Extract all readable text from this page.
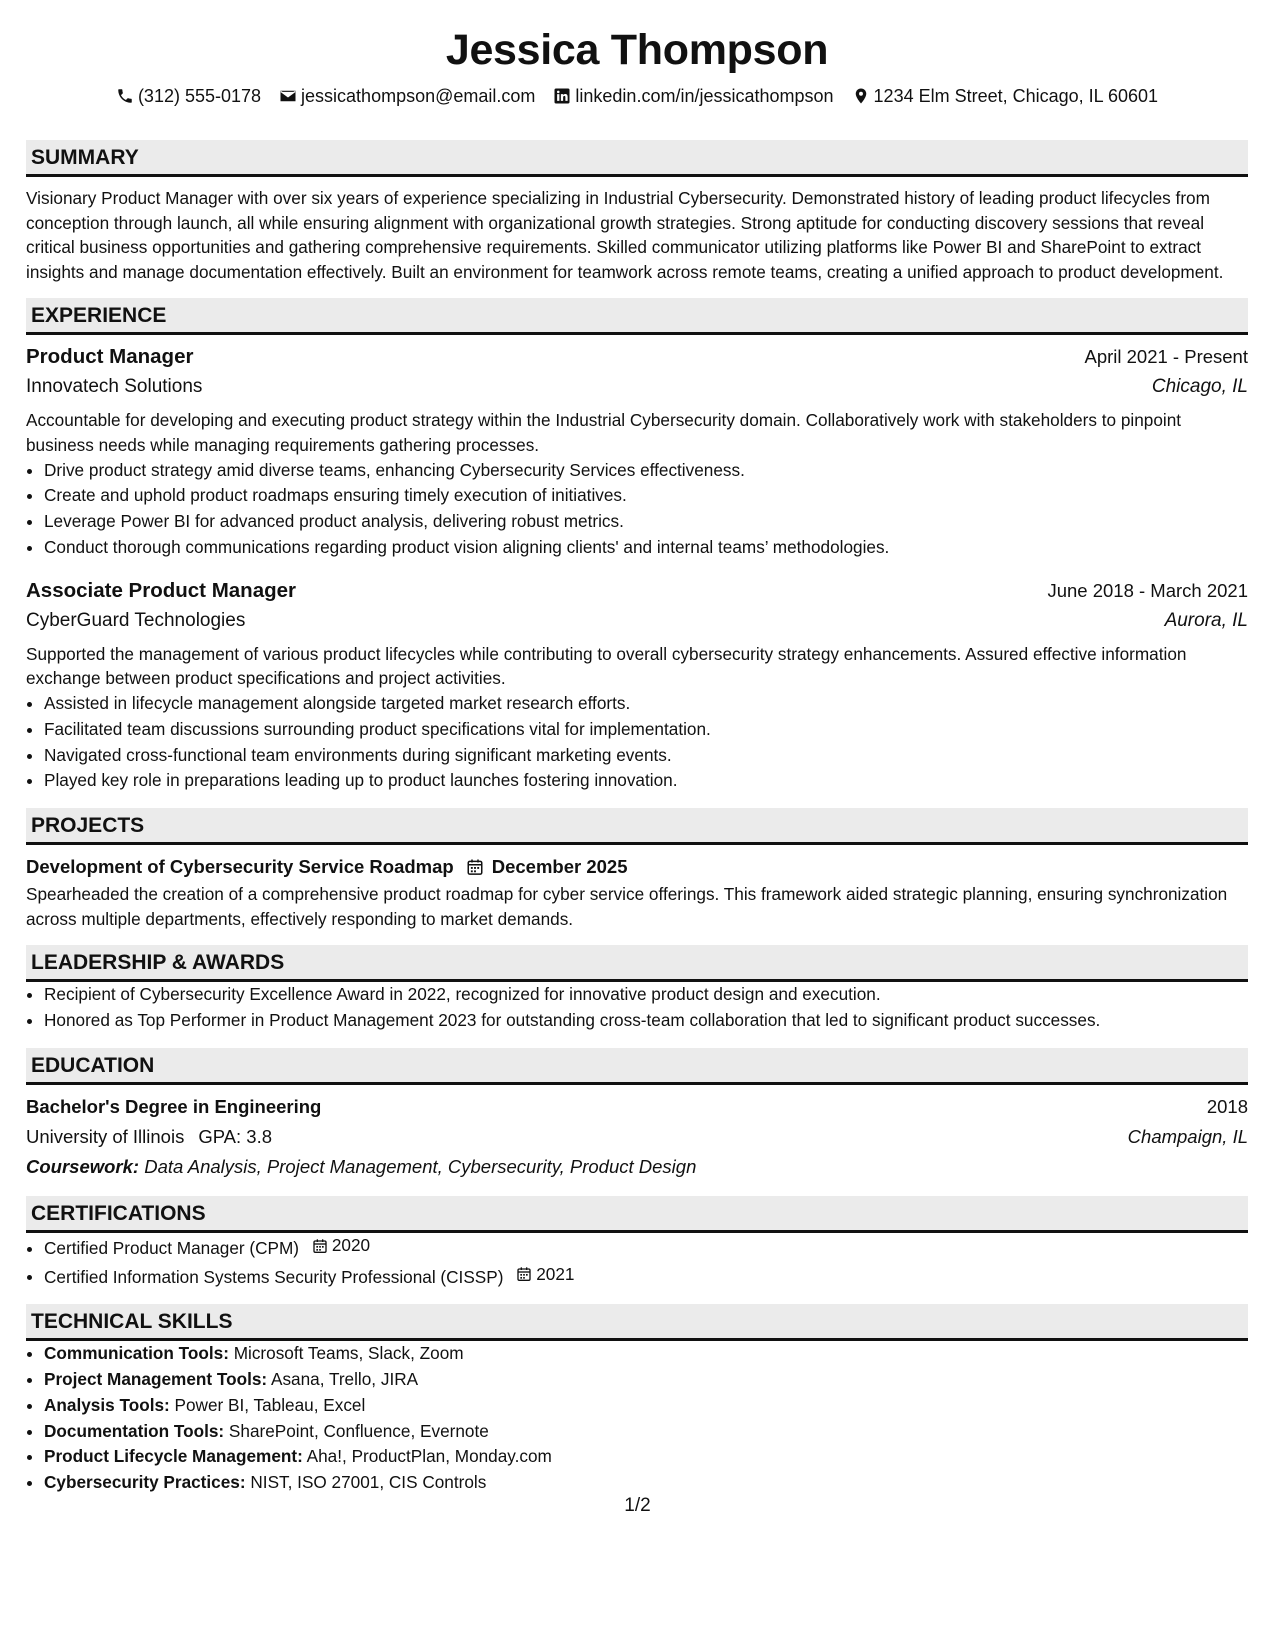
Jessica Thompson
(312) 555-0178 jessicathompson@email.com linkedin.com/in/jessicathompson 1234 Elm Street, Chicago, IL 60601
SUMMARY
Visionary Product Manager with over six years of experience specializing in Industrial Cybersecurity. Demonstrated history of leading product lifecycles from conception through launch, all while ensuring alignment with organizational growth strategies. Strong aptitude for conducting discovery sessions that reveal critical business opportunities and gathering comprehensive requirements. Skilled communicator utilizing platforms like Power BI and SharePoint to extract insights and manage documentation effectively. Built an environment for teamwork across remote teams, creating a unified approach to product development.
EXPERIENCE
Product Manager	April 2021 - Present
Innovatech Solutions	Chicago, IL
Accountable for developing and executing product strategy within the Industrial Cybersecurity domain. Collaboratively work with stakeholders to pinpoint business needs while managing requirements gathering processes.
• Drive product strategy amid diverse teams, enhancing Cybersecurity Services effectiveness.
• Create and uphold product roadmaps ensuring timely execution of initiatives.
• Leverage Power BI for advanced product analysis, delivering robust metrics.
• Conduct thorough communications regarding product vision aligning clients' and internal teams’ methodologies.
Associate Product Manager	June 2018 - March 2021
CyberGuard Technologies	Aurora, IL
Supported the management of various product lifecycles while contributing to overall cybersecurity strategy enhancements. Assured effective information exchange between product specifications and project activities.
• Assisted in lifecycle management alongside targeted market research efforts.
• Facilitated team discussions surrounding product specifications vital for implementation.
• Navigated cross-functional team environments during significant marketing events.
• Played key role in preparations leading up to product launches fostering innovation.
PROJECTS
Development of Cybersecurity Service Roadmap December 2025
Spearheaded the creation of a comprehensive product roadmap for cyber service offerings. This framework aided strategic planning, ensuring synchronization across multiple departments, effectively responding to market demands.
LEADERSHIP & AWARDS
• Recipient of Cybersecurity Excellence Award in 2022, recognized for innovative product design and execution.
• Honored as Top Performer in Product Management 2023 for outstanding cross-team collaboration that led to significant product successes.
EDUCATION
Bachelor's Degree in Engineering	2018
University of Illinois GPA: 3.8	Champaign, IL
Coursework: Data Analysis, Project Management, Cybersecurity, Product Design
CERTIFICATIONS
• Certified Product Manager (CPM) 2020
• Certified Information Systems Security Professional (CISSP) 2021
TECHNICAL SKILLS
• Communication Tools: Microsoft Teams, Slack, Zoom
• Project Management Tools: Asana, Trello, JIRA
• Analysis Tools: Power BI, Tableau, Excel
• Documentation Tools: SharePoint, Confluence, Evernote
• Product Lifecycle Management: Aha!, ProductPlan, Monday.com
• Cybersecurity Practices: NIST, ISO 27001, CIS Controls
1/2
